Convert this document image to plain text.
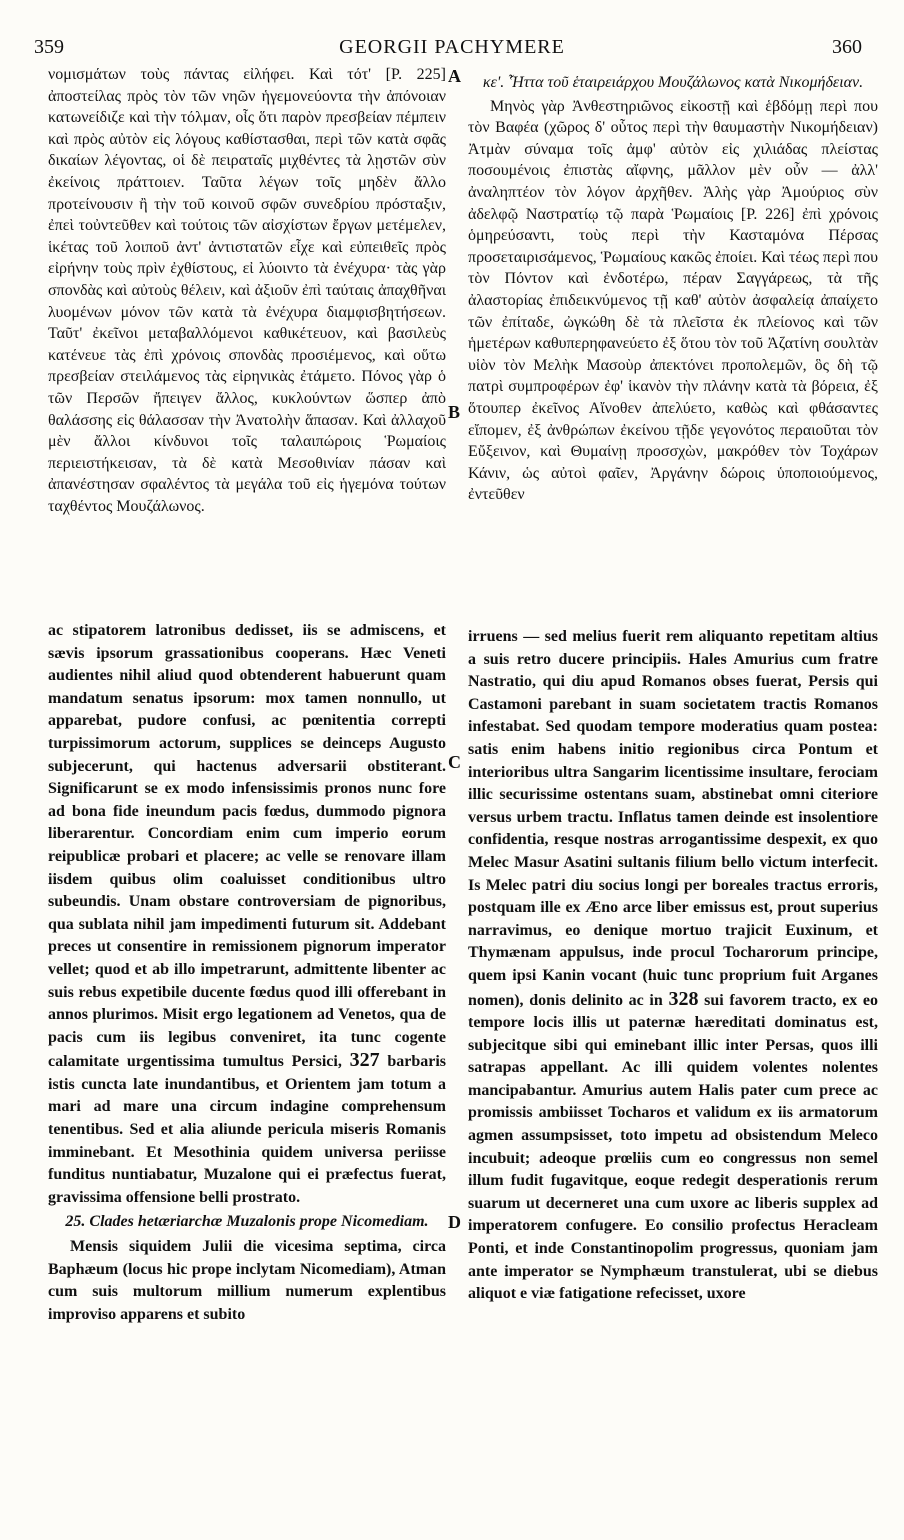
359	GEORGII PACHYMERE	360

νομισμάτων τοὺς πάντας εἰλήφει. Καὶ τότ' [P. 225] ἀποστείλας πρὸς τὸν τῶν νηῶν ἡγεμονεύοντα τὴν ἀπόνοιαν κατωνείδιζε καὶ τὴν τόλμαν, οἷς ὅτι παρὸν πρεσβείαν πέμπειν καὶ πρὸς αὐτὸν εἰς λόγους καθίστασθαι, περὶ τῶν κατὰ σφᾶς δικαίων λέγοντας, οἱ δὲ πειραταῖς μιχθέντες τὰ λῃστῶν σὺν ἐκείνοις πράττοιεν. Ταῦτα λέγων τοῖς μηδὲν ἄλλο προτείνουσιν ἢ τὴν τοῦ κοινοῦ σφῶν συνεδρίου πρόσταξιν, ἐπεὶ τοὐντεῦθεν καὶ τούτοις τῶν αἰσχίστων ἔργων μετέμελεν, ἱκέτας τοῦ λοιποῦ ἀντ' ἀντιστατῶν εἶχε καὶ εὐπειθεῖς πρὸς εἰρήνην τοὺς πρὶν ἐχθίστους, εἰ λύοιντο τὰ ἐνέχυρα· τὰς γὰρ σπονδὰς καὶ αὐτοὺς θέλειν, καὶ ἀξιοῦν ἐπὶ ταύταις ἀπαχθῆναι λυομένων μόνον τῶν κατὰ τὰ ἐνέχυρα διαμφισβητήσεων. Ταῦτ' ἐκεῖνοι μεταβαλλόμενοι καθικέτευον, καὶ βασιλεὺς κατένευε τὰς ἐπὶ χρόνοις σπονδὰς προσιέμενος, καὶ οὕτω πρεσβείαν στειλάμενος τὰς εἰρηνικὰς ἐτάμετο. Πόνος γὰρ ὁ τῶν Περσῶν ἤπειγεν ἄλλος, κυκλούντων ὥσπερ ἀπὸ θαλάσσης εἰς θάλασσαν τὴν Ἀνατολὴν ἅπασαν. Καὶ ἀλλαχοῦ μὲν ἄλλοι κίνδυνοι τοῖς ταλαιπώροις Ῥωμαίοις περιειστήκεισαν, τὰ δὲ κατὰ Μεσοθινίαν πάσαν καὶ ἀπανέστησαν σφαλέντος τὰ μεγάλα τοῦ εἰς ἡγεμόνα τούτων ταχθέντος Μουζάλωνος.

κε'. Ἧττα τοῦ ἑταιρειάρχου Μουζάλωνος κατὰ Νικομήδειαν.

Μηνὸς γὰρ Ἀνθεστηριῶνος εἰκοστῇ καὶ ἑβδόμῃ περὶ που τὸν Βαφέα (χῶρος δ' οὗτος περὶ τὴν θαυμαστὴν Νικομήδειαν) Ἀτμὰν σύναμα τοῖς ἀμφ' αὐτὸν εἰς χιλιάδας πλείστας ποσουμένοις ἐπιστὰς αἴφνης, μᾶλλον μὲν οὖν — ἀλλ' ἀναληπτέον τὸν λόγον ἀρχῆθεν. Ἀλὴς γὰρ Ἀμούριος σὺν ἀδελφῷ Ναστρατίῳ τῷ παρὰ Ῥωμαίοις [P. 226] ἐπὶ χρόνοις ὁμηρεύσαντι, τοὺς περὶ τὴν Κασταμόνα Πέρσας προσεταιρισάμενος, Ῥωμαίους κακῶς ἐποίει. Καὶ τέως περὶ που τὸν Πόντον καὶ ἐνδοτέρω, πέραν Σαγγάρεως, τὰ τῆς ἀλαστορίας ἐπιδεικνύμενος τῇ καθ' αὐτὸν ἀσφαλείᾳ ἀπαίχετο τῶν ἐπίταδε, ὠγκώθη δὲ τὰ πλεῖστα ἐκ πλείονος καὶ τῶν ἡμετέρων καθυπερηφανεύετο ἐξ ὅτου τὸν τοῦ Ἀζατίνη σουλτὰν υἱὸν τὸν Μελὴκ Μασοὺρ ἀπεκτόνει προπολεμῶν, ὃς δὴ τῷ πατρὶ συμπροφέρων ἐφ' ἱκανὸν τὴν πλάνην κατὰ τὰ βόρεια, ἐξ ὅτουπερ ἐκεῖνος Αἴνοθεν ἀπελύετο, καθὼς καὶ φθάσαντες εἴπομεν, ἐξ ἀνθρώπων ἐκείνου τῇδε γεγονότος περαιοῦται τὸν Εὔξεινον, καὶ Θυμαίνῃ προσσχὼν, μακρόθεν τὸν Τοχάρων Κάνιν, ὡς αὐτοὶ φαῖεν, Ἀργάνην δώροις ὑποποιούμενος, ἐντεῦθεν

A
B
C
D

ac stipatorem latronibus dedisset, iis se admiscens, et sævis ipsorum grassationibus cooperans. Hæc Veneti audientes nihil aliud quod obtenderent habuerunt quam mandatum senatus ipsorum: mox tamen nonnullo, ut apparebat, pudore confusi, ac pœnitentia correpti turpissimorum actorum, supplices se deinceps Augusto subjecerunt, qui hactenus adversarii obstiterant. Significarunt se ex modo infensissimis pronos nunc fore ad bona fide ineundum pacis fœdus, dummodo pignora liberarentur. Concordiam enim cum imperio eorum reipublicæ probari et placere; ac velle se renovare illam iisdem quibus olim coaluisset conditionibus ultro subeundis. Unam obstare controversiam de pignoribus, qua sublata nihil jam impedimenti futurum sit. Addebant preces ut consentire in remissionem pignorum imperator vellet; quod et ab illo impetrarunt, admittente libenter ac suis rebus expetibile ducente fœdus quod illi offerebant in annos plurimos. Misit ergo legationem ad Venetos, qua de pacis cum iis legibus conveniret, ita tunc cogente calamitate urgentissima tumultus Persici, 327 barbaris istis cuncta late inundantibus, et Orientem jam totum a mari ad mare una circum indagine comprehensum tenentibus. Sed et alia aliunde pericula miseris Romanis imminebant. Et Mesothinia quidem universa periisse funditus nuntiabatur, Muzalone qui ei præfectus fuerat, gravissima offensione belli prostrato.

25. Clades hetæriarchæ Muzalonis prope Nicomediam.

Mensis siquidem Julii die vicesima septima, circa Baphæum (locus hic prope inclytam Nicomediam), Atman cum suis multorum millium numerum explentibus improviso apparens et subito

irruens — sed melius fuerit rem aliquanto repetitam altius a suis retro ducere principiis. Hales Amurius cum fratre Nastratio, qui diu apud Romanos obses fuerat, Persis qui Castamoni parebant in suam societatem tractis Romanos infestabat. Sed quodam tempore moderatius quam postea: satis enim habens initio regionibus circa Pontum et interioribus ultra Sangarim licentissime insultare, ferociam illic securissime ostentans suam, abstinebat omni citeriore versus urbem tractu. Inflatus tamen deinde est insolentiore confidentia, resque nostras arrogantissime despexit, ex quo Melec Masur Asatini sultanis filium bello victum interfecit. Is Melec patri diu socius longi per boreales tractus erroris, postquam ille ex Æno arce liber emissus est, prout superius narravimus, eo denique mortuo trajicit Euxinum, et Thymænam appulsus, inde procul Tocharorum principe, quem ipsi Kanin vocant (huic tunc proprium fuit Arganes nomen), donis delinito ac in 328 sui favorem tracto, ex eo tempore locis illis ut paternæ hæreditati dominatus est, subjecitque sibi qui eminebant illic inter Persas, quos illi satrapas appellant. Ac illi quidem volentes nolentes mancipabantur. Amurius autem Halis pater cum prece ac promissis ambiisset Tocharos et validum ex iis armatorum agmen assumpsisset, toto impetu ad obsistendum Meleco incubuit; adeoque prœliis cum eo congressus non semel illum fudit fugavitque, eoque redegit desperationis rerum suarum ut decerneret una cum uxore ac liberis supplex ad imperatorem confugere. Eo consilio profectus Heracleam Ponti, et inde Constantinopolim progressus, quoniam jam ante imperator se Nymphæum transtulerat, ubi se diebus aliquot e viæ fatigatione refecisset, uxore
